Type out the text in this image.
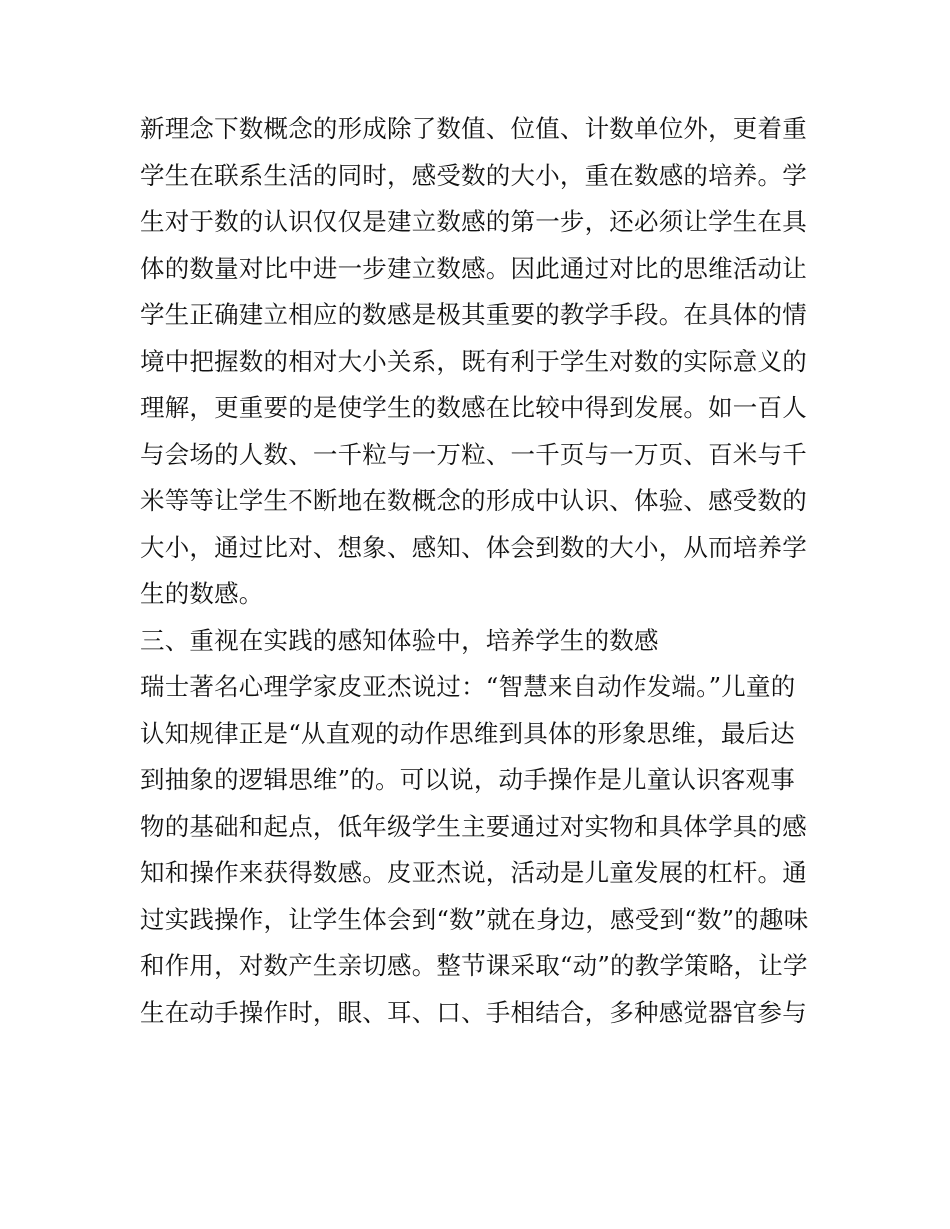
新理念下数概念的形成除了数值、位值、计数单位外，更着重
学生在联系生活的同时，感受数的大小，重在数感的培养。学
生对于数的认识仅仅是建立数感的第一步，还必须让学生在具
体的数量对比中进一步建立数感。因此通过对比的思维活动让
学生正确建立相应的数感是极其重要的教学手段。在具体的情
境中把握数的相对大小关系，既有利于学生对数的实际意义的
理解，更重要的是使学生的数感在比较中得到发展。如一百人
与会场的人数、一千粒与一万粒、一千页与一万页、百米与千
米等等让学生不断地在数概念的形成中认识、体验、感受数的
大小，通过比对、想象、感知、体会到数的大小，从而培养学
生的数感。
三、重视在实践的感知体验中，培养学生的数感
瑞士著名心理学家皮亚杰说过：“智慧来自动作发端。”儿童的
认知规律正是“从直观的动作思维到具体的形象思维，最后达
到抽象的逻辑思维”的。可以说，动手操作是儿童认识客观事
物的基础和起点，低年级学生主要通过对实物和具体学具的感
知和操作来获得数感。皮亚杰说，活动是儿童发展的杠杆。通
过实践操作，让学生体会到“数”就在身边，感受到“数”的趣味
和作用，对数产生亲切感。整节课采取“动”的教学策略，让学
生在动手操作时，眼、耳、口、手相结合，多种感觉器官参与
